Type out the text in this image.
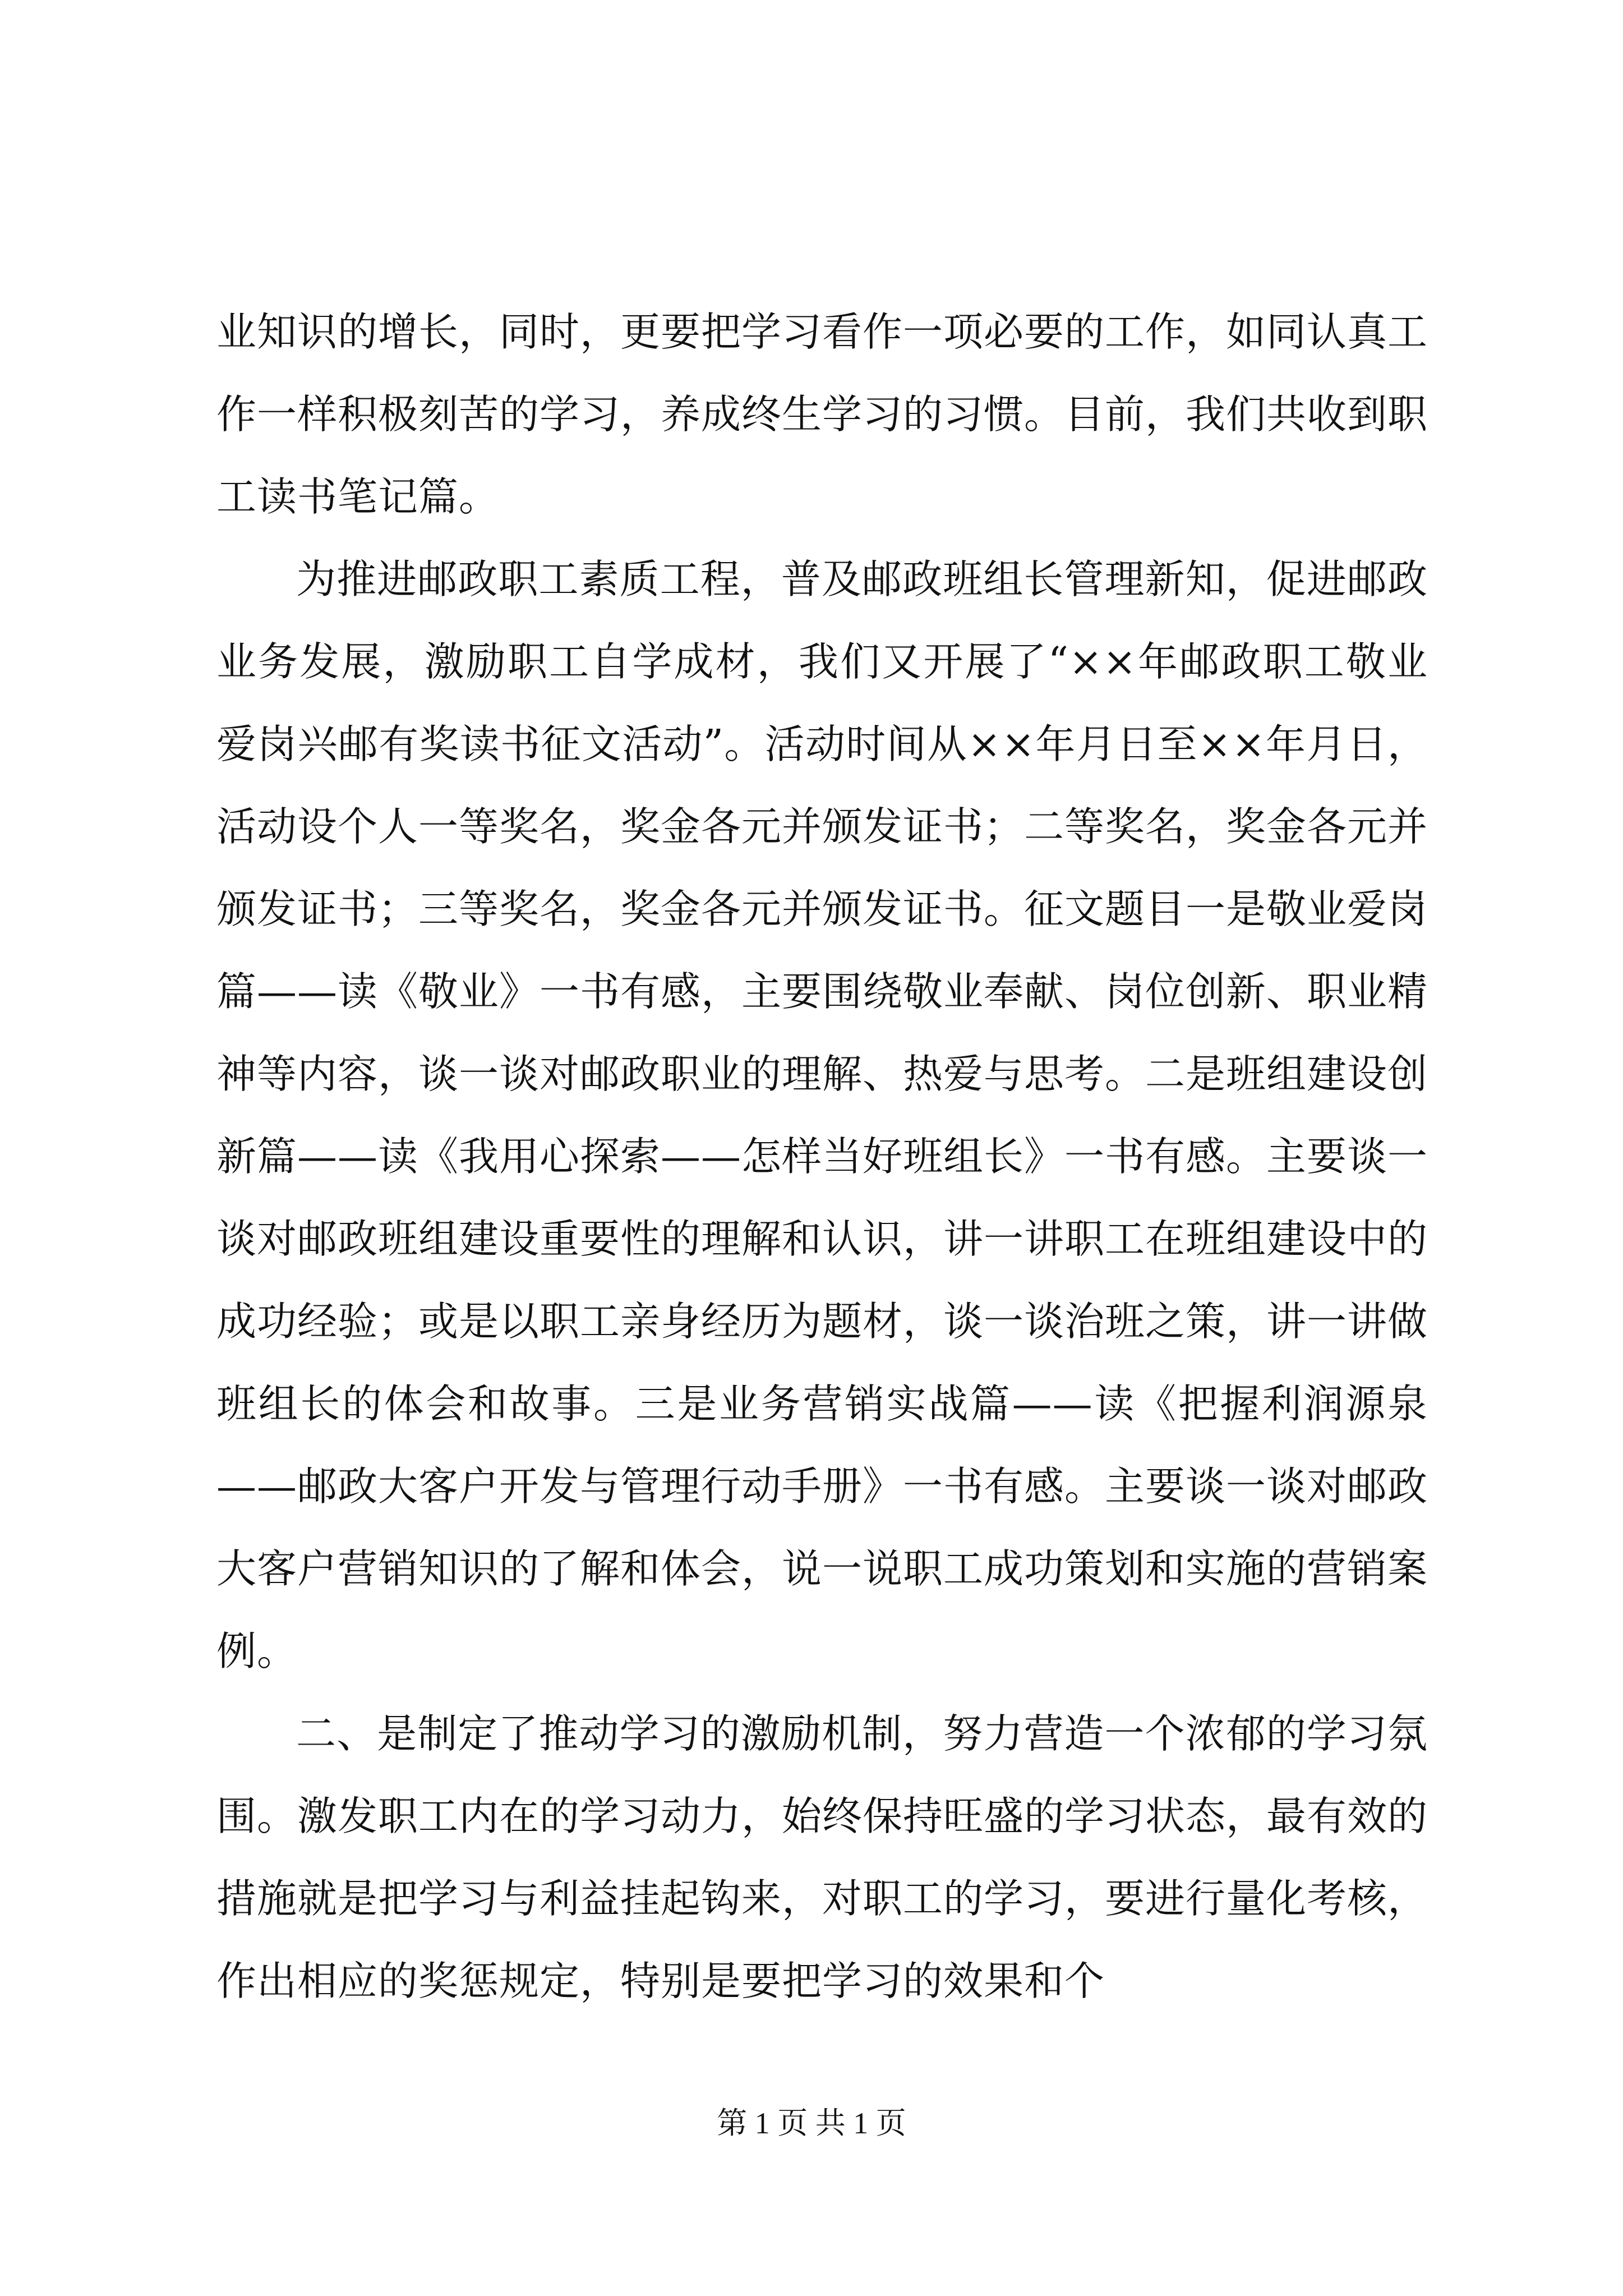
业知识的增长，同时，更要把学习看作一项必要的工作，如同认真工作一样积极刻苦的学习，养成终生学习的习惯。目前，我们共收到职工读书笔记篇。

为推进邮政职工素质工程，普及邮政班组长管理新知，促进邮政业务发展，激励职工自学成材，我们又开展了“××年邮政职工敬业爱岗兴邮有奖读书征文活动”。活动时间从××年月日至××年月日，活动设个人一等奖名，奖金各元并颁发证书；二等奖名，奖金各元并颁发证书；三等奖名，奖金各元并颁发证书。征文题目一是敬业爱岗篇——读《敬业》一书有感，主要围绕敬业奉献、岗位创新、职业精神等内容，谈一谈对邮政职业的理解、热爱与思考。二是班组建设创新篇——读《我用心探索——怎样当好班组长》一书有感。主要谈一谈对邮政班组建设重要性的理解和认识，讲一讲职工在班组建设中的成功经验；或是以职工亲身经历为题材，谈一谈治班之策，讲一讲做班组长的体会和故事。三是业务营销实战篇——读《把握利润源泉——邮政大客户开发与管理行动手册》一书有感。主要谈一谈对邮政大客户营销知识的了解和体会，说一说职工成功策划和实施的营销案例。

二、是制定了推动学习的激励机制，努力营造一个浓郁的学习氛围。激发职工内在的学习动力，始终保持旺盛的学习状态，最有效的措施就是把学习与利益挂起钩来，对职工的学习，要进行量化考核，作出相应的奖惩规定，特别是要把学习的效果和个

第 1 页 共 1 页
